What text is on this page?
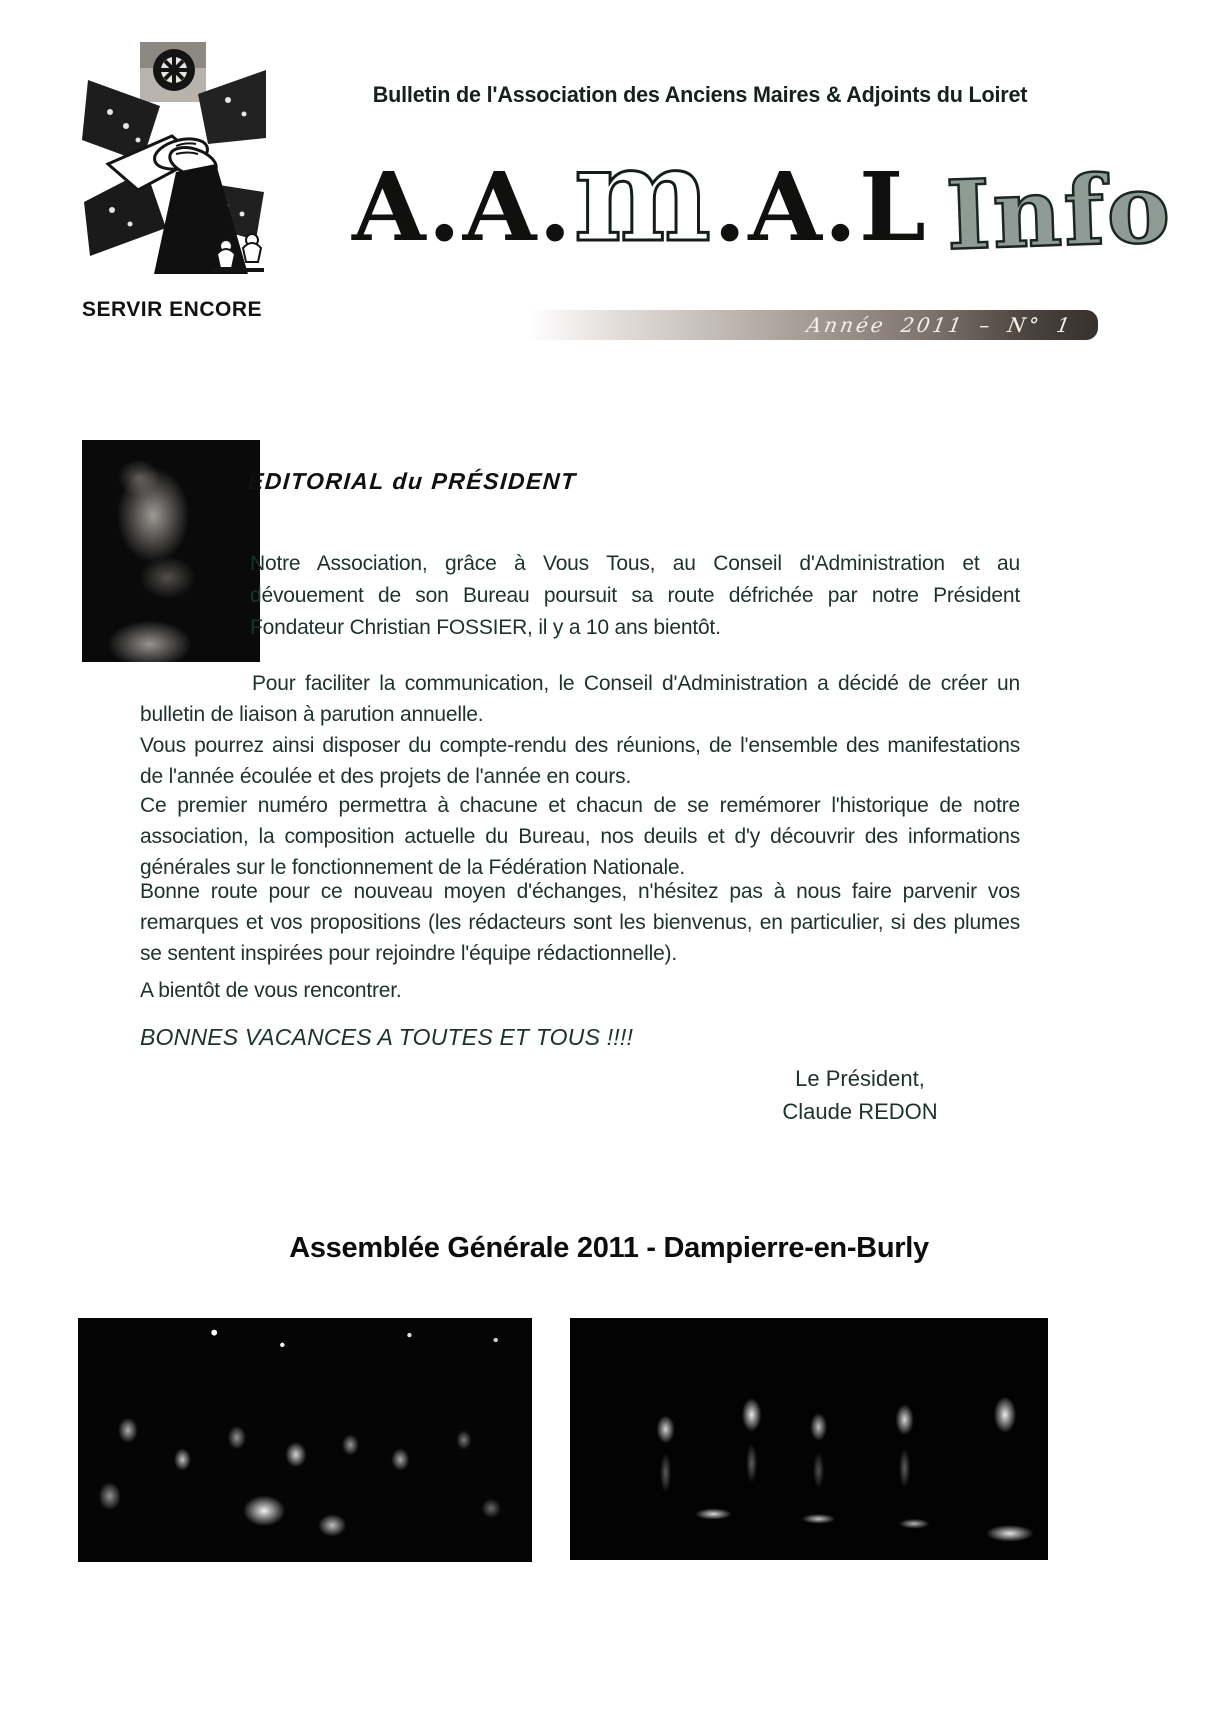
SERVIR ENCORE
Bulletin de l'Association des Anciens Maires & Adjoints du Loiret
A.A.m.A.L Info
Année 2011 – N° 1
EDITORIAL du PRÉSIDENT
Notre Association, grâce à Vous Tous, au Conseil d'Administration et au dévouement de son Bureau poursuit sa route défrichée par notre Président Fondateur Christian FOSSIER, il y a 10 ans bientôt.
Pour faciliter la communication, le Conseil d'Administration a décidé de créer un bulletin de liaison à parution annuelle.
Vous pourrez ainsi disposer du compte-rendu des réunions, de l'ensemble des manifestations de l'année écoulée et des projets de l'année en cours.
Ce premier numéro permettra à chacune et chacun de se remémorer l'historique de notre association, la composition actuelle du Bureau, nos deuils et d'y découvrir des informations générales sur le fonctionnement de la Fédération Nationale.
Bonne route pour ce nouveau moyen d'échanges, n'hésitez pas à nous faire parvenir vos remarques et vos propositions (les rédacteurs sont les bienvenus, en particulier, si des plumes se sentent inspirées pour rejoindre l'équipe rédactionnelle).
A bientôt de vous rencontrer.
BONNES VACANCES A TOUTES ET TOUS !!!!
Le Président,
Claude REDON
Assemblée Générale 2011 - Dampierre-en-Burly
